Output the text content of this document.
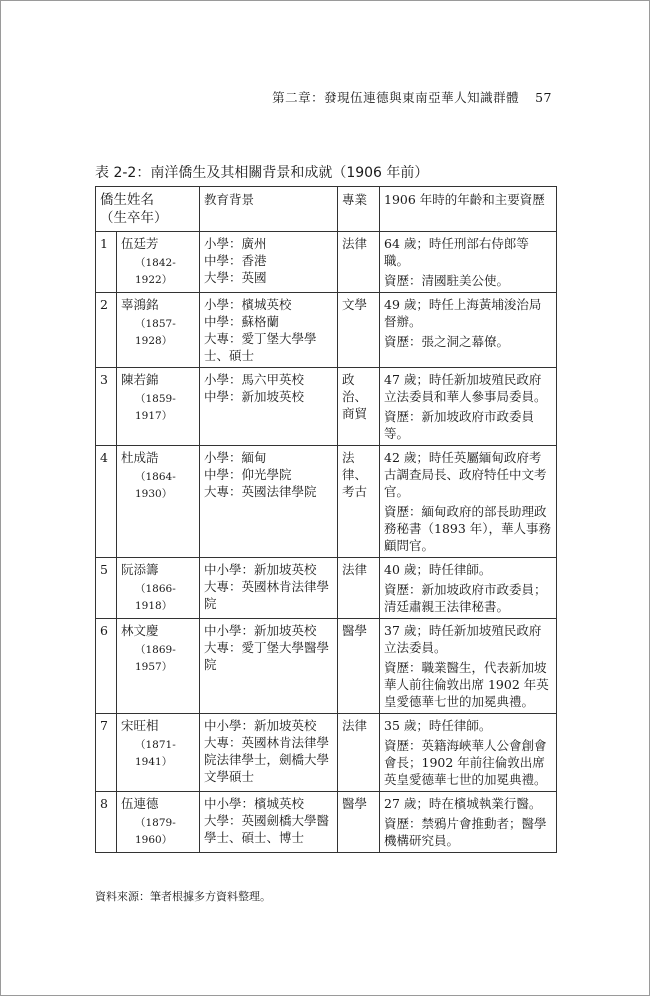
第二章：發現伍連德與東南亞華人知識群體 57
表 2-2：南洋僑生及其相關背景和成就（1906 年前）
僑生姓名
（生卒年）		教育背景	專業	1906 年時的年齡和主要資歷
1	伍廷芳
（1842-1922）	小學：廣州
中學：香港
大學：英國	法律	64 歲；時任刑部右侍郎等職。
資歷：清國駐美公使。

2	辜鴻銘
（1857-1928）	小學：檳城英校
中學：蘇格蘭
大專：愛丁堡大學學士、碩士	文學	49 歲；時任上海黃埔浚治局督辦。
資歷：張之洞之幕僚。

3	陳若錦
（1859-1917）	小學：馬六甲英校
中學：新加坡英校	政治、商貿	47 歲；時任新加坡殖民政府立法委員和華人參事局委員。
資歷：新加坡政府市政委員等。

4	杜成誥
（1864-1930）	小學：緬甸
中學：仰光學院
大專：英國法律學院	法律、考古	42 歲；時任英屬緬甸政府考古調查局長、政府特任中文考官。
資歷：緬甸政府的部長助理政務秘書（1893 年），華人事務顧問官。

5	阮添籌
（1866-1918）	中小學：新加坡英校
大專：英國林肯法律學院	法律	40 歲；時任律師。
資歷：新加坡政府市政委員；清廷肅親王法律秘書。

6	林文慶
（1869-1957）	中小學：新加坡英校
大專：愛丁堡大學醫學院	醫學	37 歲；時任新加坡殖民政府立法委員。
資歷：職業醫生，代表新加坡華人前往倫敦出席 1902 年英皇愛德華七世的加冕典禮。

7	宋旺相
（1871-1941）	中小學：新加坡英校
大專：英國林肯法律學院法律學士，劍橋大學文學碩士	法律	35 歲；時任律師。
資歷：英籍海峽華人公會創會會長；1902 年前往倫敦出席英皇愛德華七世的加冕典禮。

8	伍連德
（1879-1960）	中小學：檳城英校
大學：英國劍橋大學醫學士、碩士、博士	醫學	27 歲；時在檳城執業行醫。
資歷：禁鴉片會推動者；醫學機構研究員。
資料來源：筆者根據多方資料整理。
